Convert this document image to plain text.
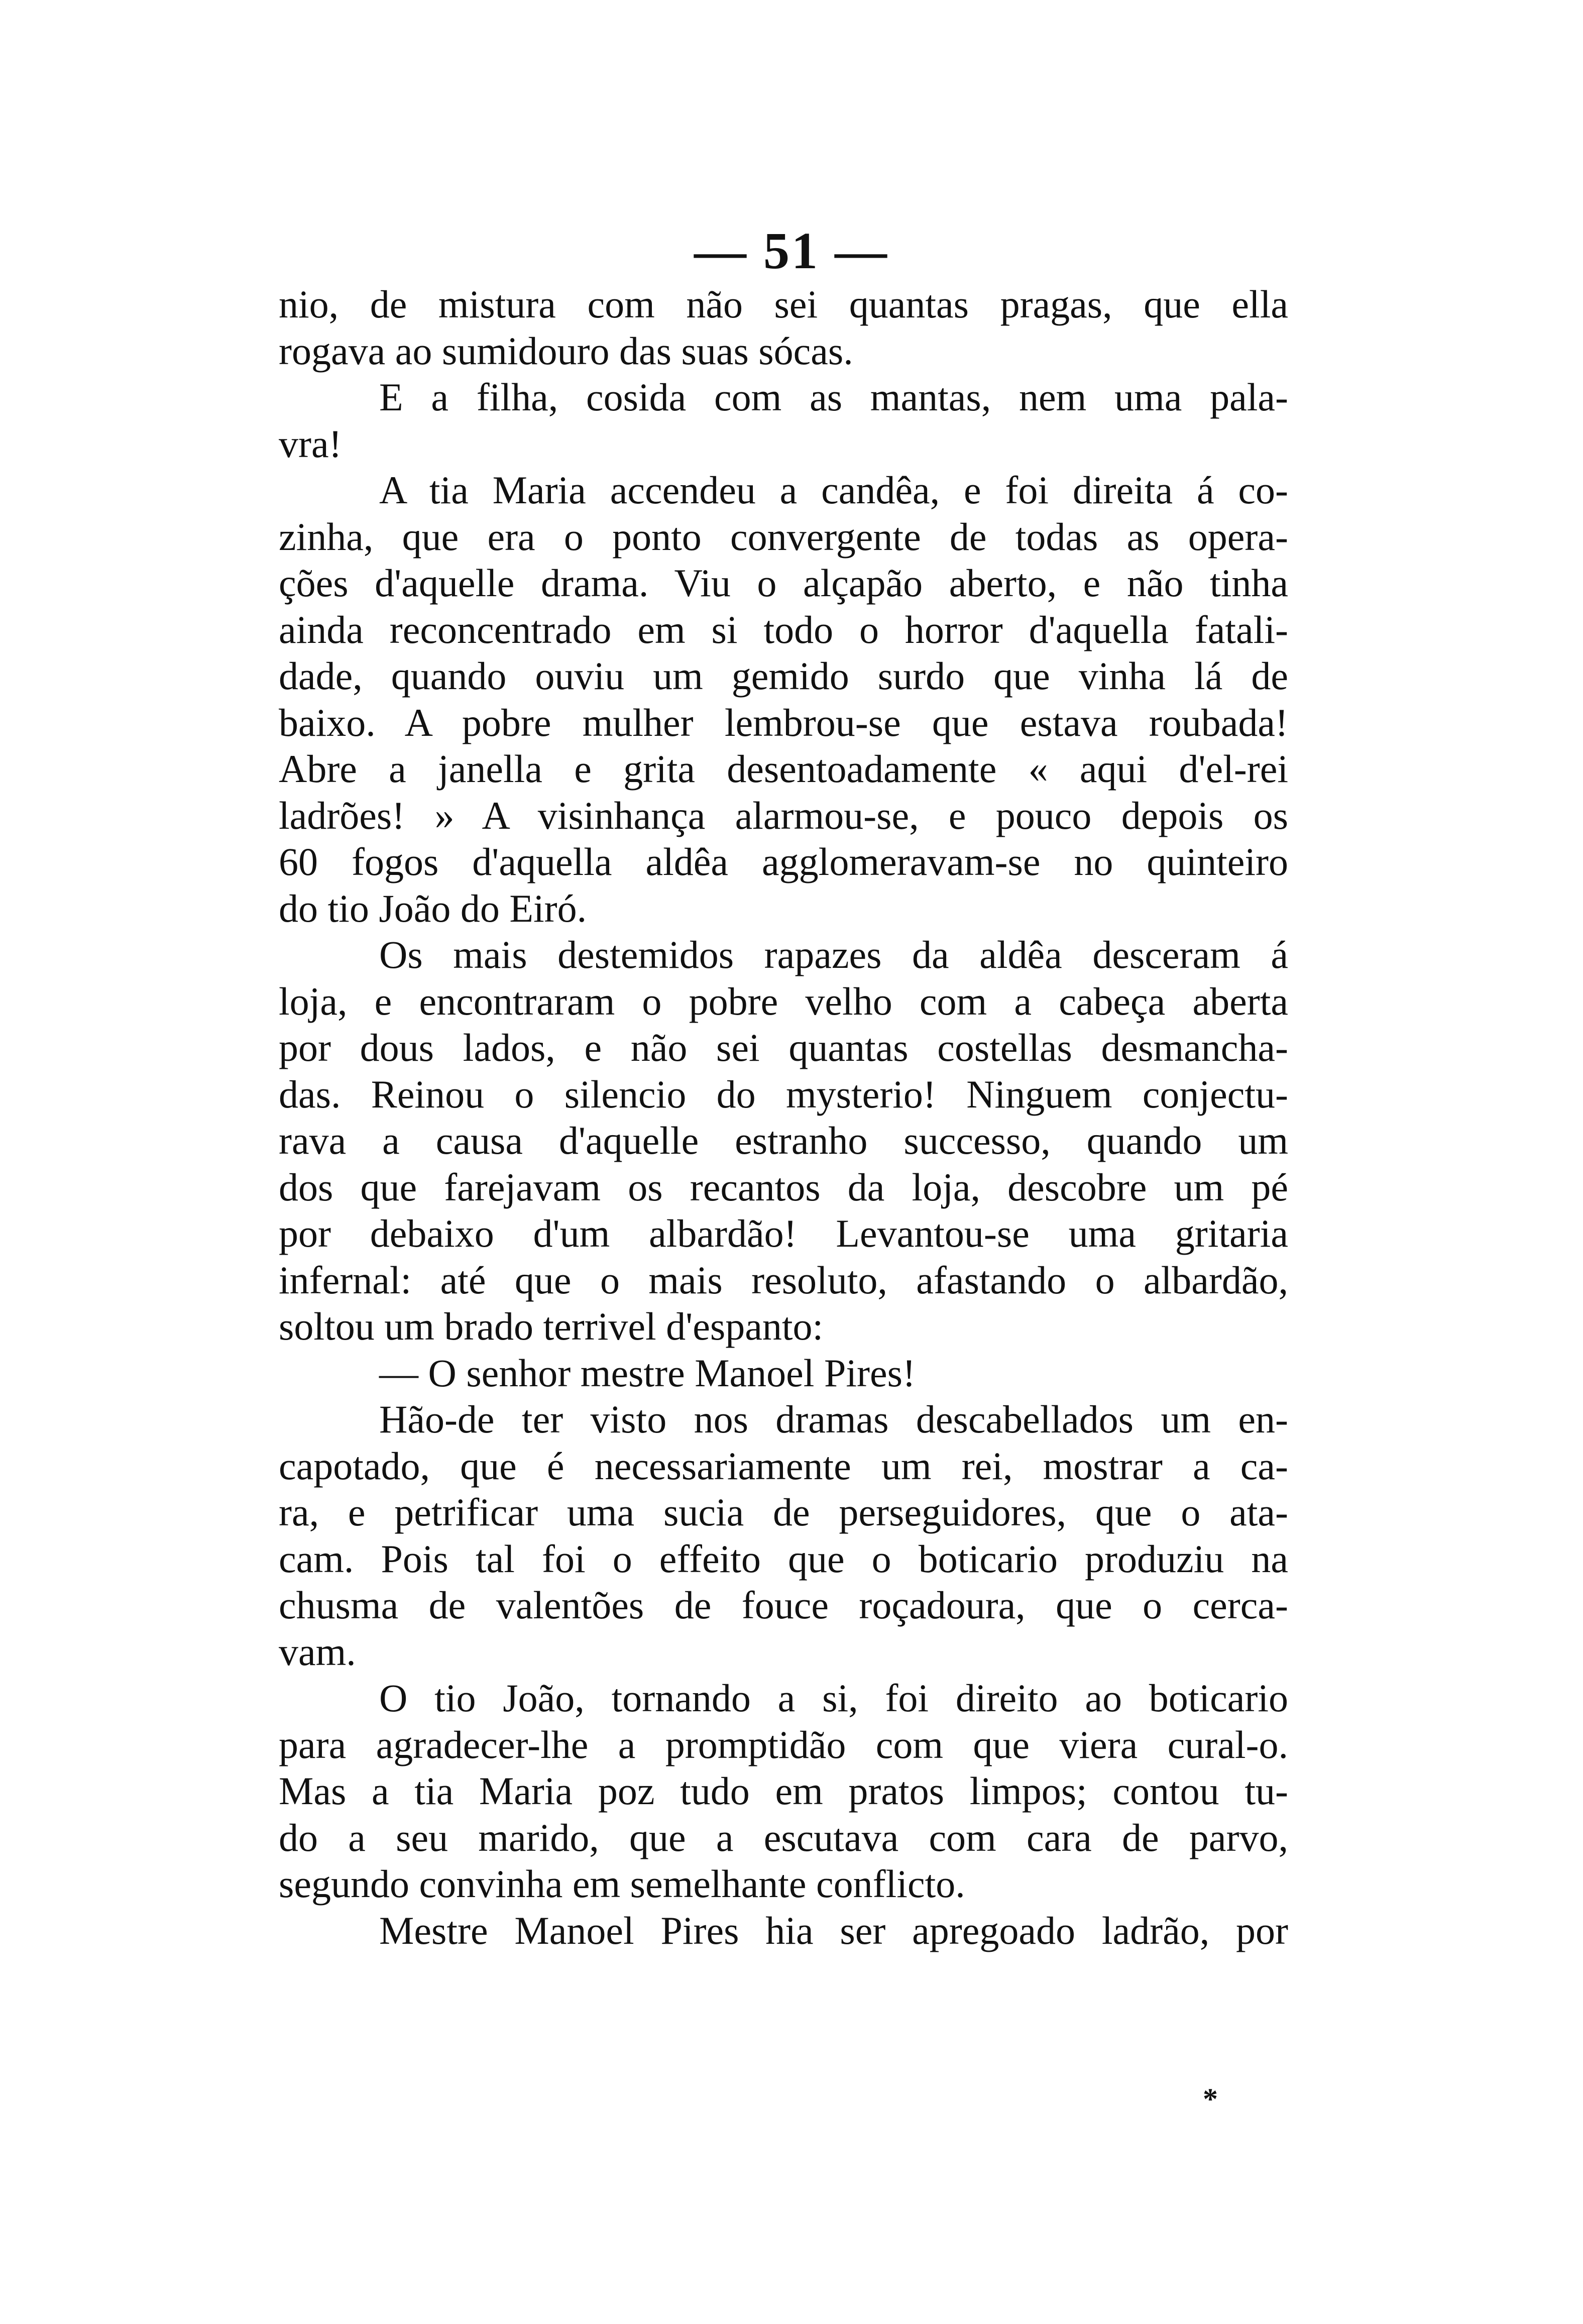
— 51 —
nio, de mistura com não sei quantas pragas, que ella
rogava ao sumidouro das suas sócas.
E a filha, cosida com as mantas, nem uma pala-
vra!
A tia Maria accendeu a candêa, e foi direita á co-
zinha, que era o ponto convergente de todas as opera-
ções d'aquelle drama. Viu o alçapão aberto, e não tinha
ainda reconcentrado em si todo o horror d'aquella fatali-
dade, quando ouviu um gemido surdo que vinha lá de
baixo. A pobre mulher lembrou-se que estava roubada!
Abre a janella e grita desentoadamente « aqui d'el-rei
ladrões! » A visinhança alarmou-se, e pouco depois os
60 fogos d'aquella aldêa agglomeravam-se no quinteiro
do tio João do Eiró.
Os mais destemidos rapazes da aldêa desceram á
loja, e encontraram o pobre velho com a cabeça aberta
por dous lados, e não sei quantas costellas desmancha-
das. Reinou o silencio do mysterio! Ninguem conjectu-
rava a causa d'aquelle estranho successo, quando um
dos que farejavam os recantos da loja, descobre um pé
por debaixo d'um albardão! Levantou-se uma gritaria
infernal: até que o mais resoluto, afastando o albardão,
soltou um brado terrivel d'espanto:
— O senhor mestre Manoel Pires!
Hão-de ter visto nos dramas descabellados um en-
capotado, que é necessariamente um rei, mostrar a ca-
ra, e petrificar uma sucia de perseguidores, que o ata-
cam. Pois tal foi o effeito que o boticario produziu na
chusma de valentões de fouce roçadoura, que o cerca-
vam.
O tio João, tornando a si, foi direito ao boticario
para agradecer-lhe a promptidão com que viera cural-o.
Mas a tia Maria poz tudo em pratos limpos; contou tu-
do a seu marido, que a escutava com cara de parvo,
segundo convinha em semelhante conflicto.
Mestre Manoel Pires hia ser apregoado ladrão, por
*
